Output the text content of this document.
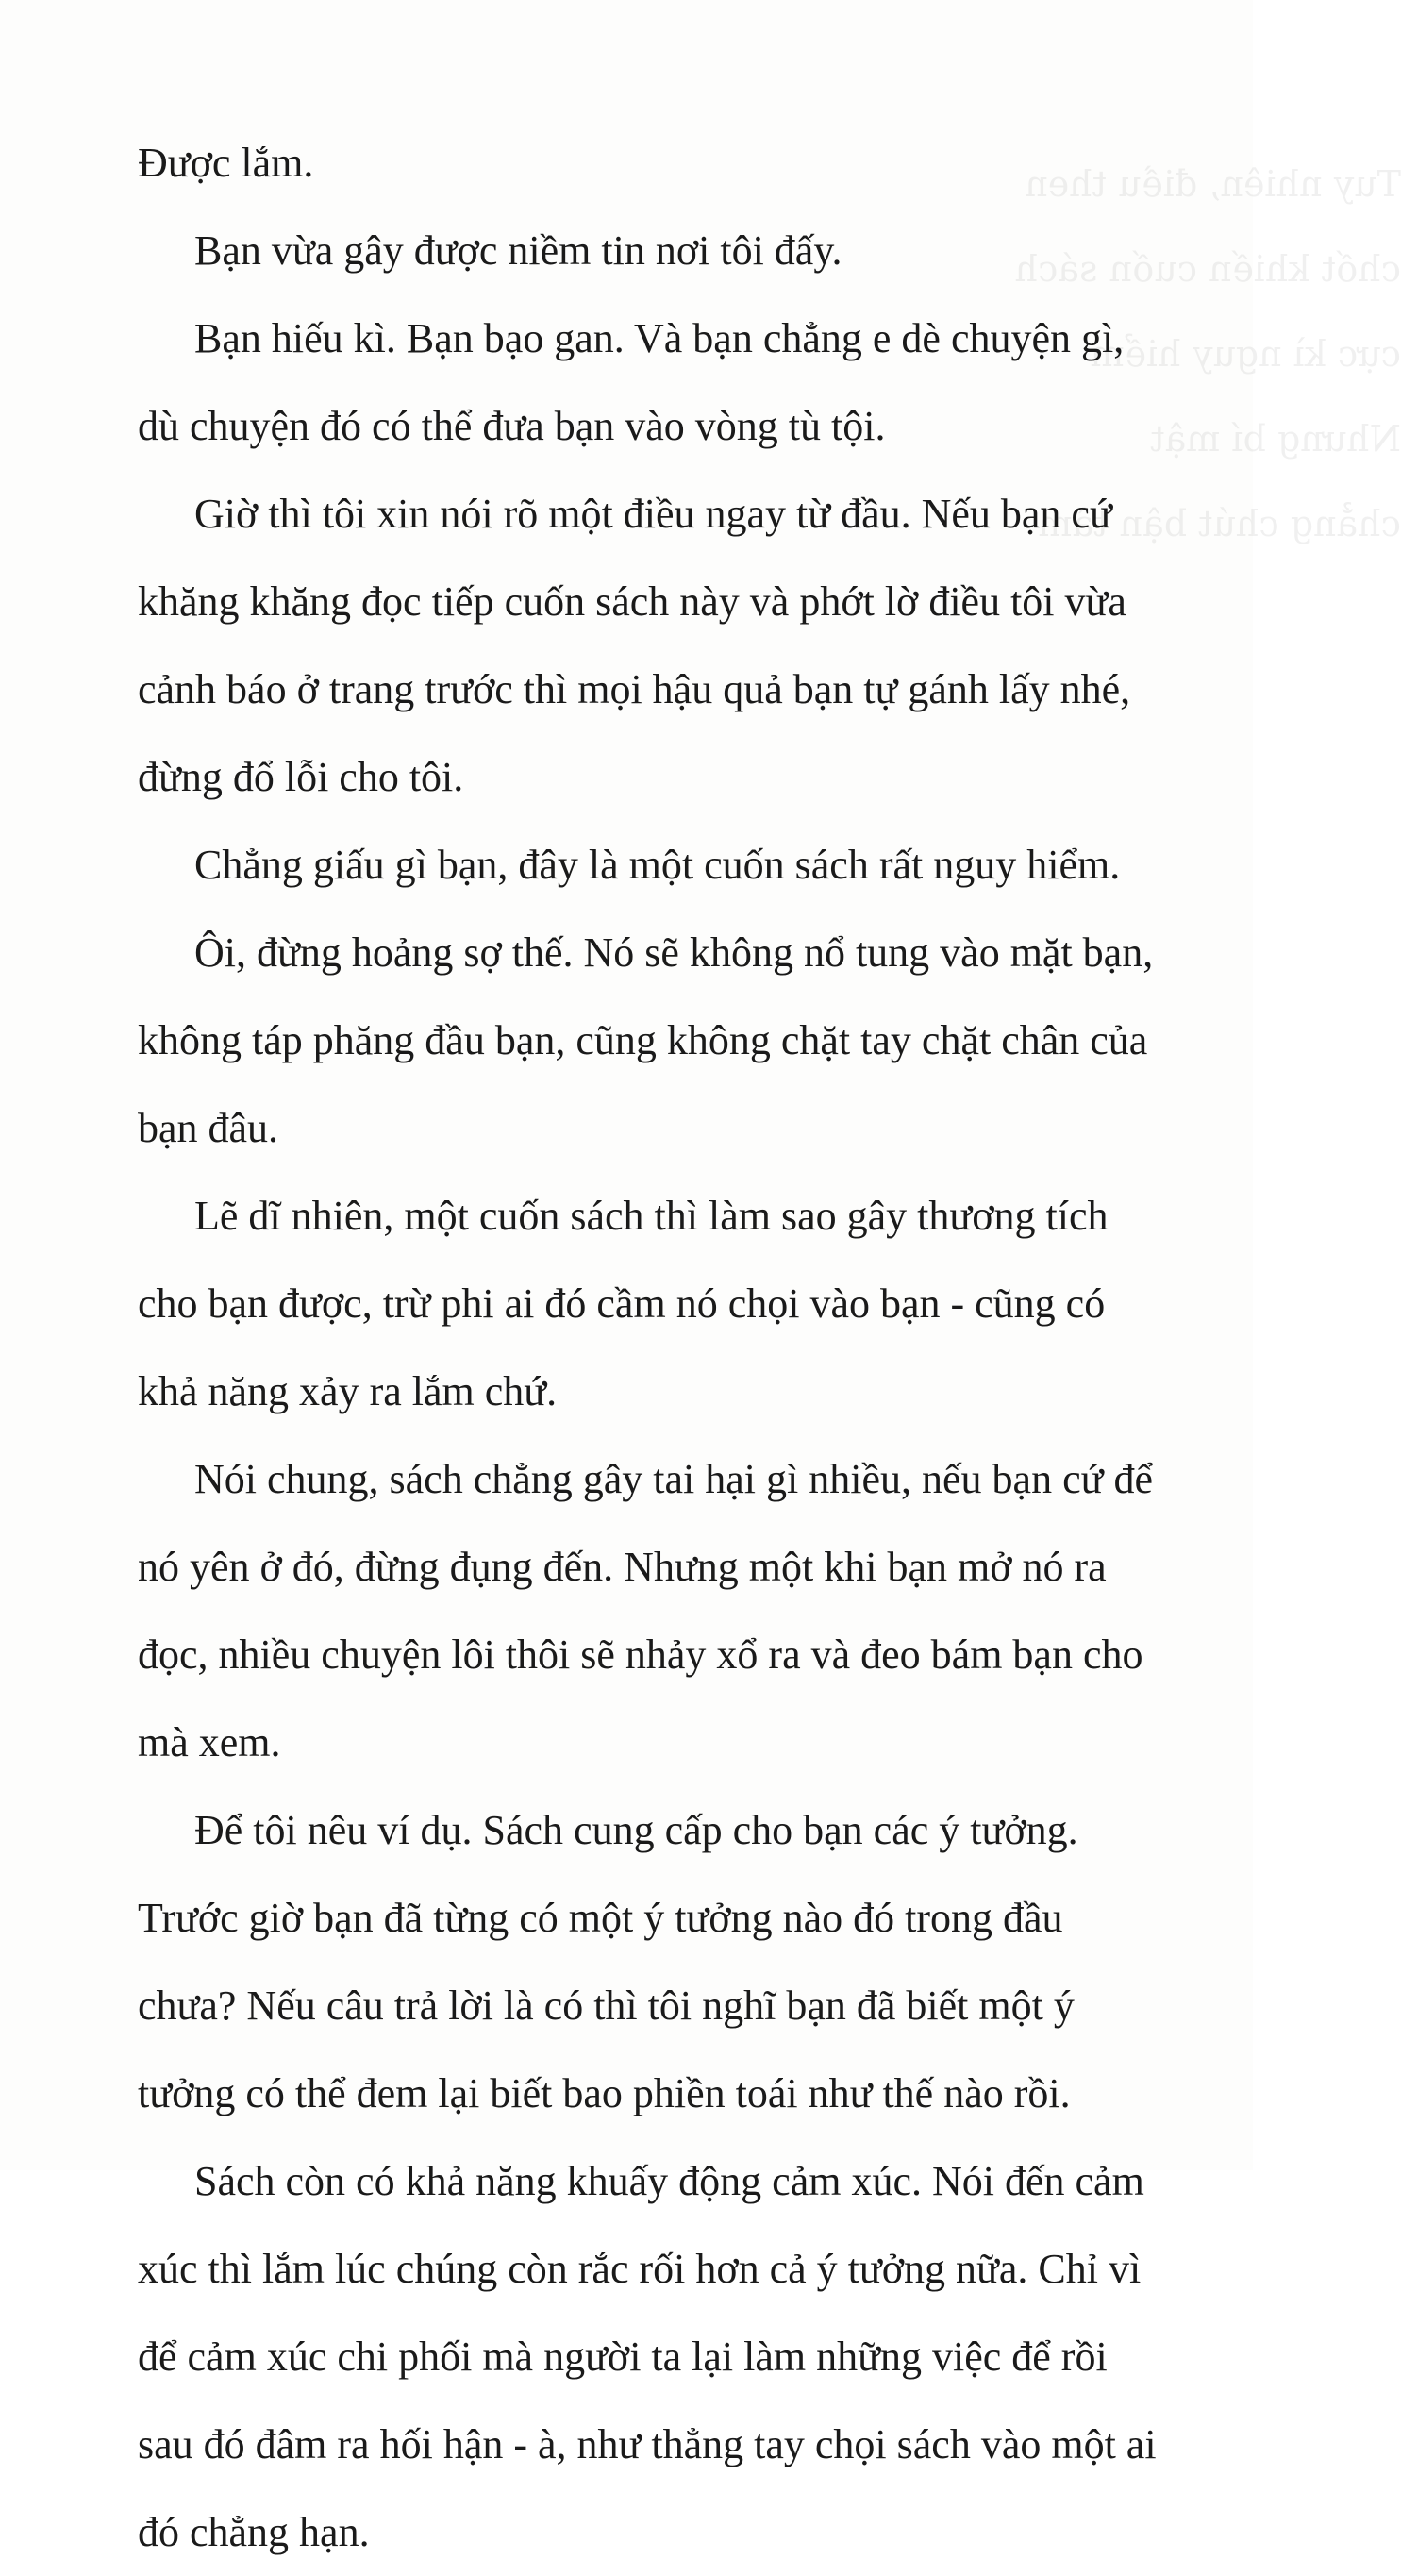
Tuy nhiên, điều then chốt khiến cuốn sách
cực kì nguy hiểm
Nhưng bí mật
chẳng chút bận tâm

Được lắm.

Bạn vừa gây được niềm tin nơi tôi đấy.

Bạn hiếu kì. Bạn bạo gan. Và bạn chẳng e dè chuyện gì, dù chuyện đó có thể đưa bạn vào vòng tù tội.

Giờ thì tôi xin nói rõ một điều ngay từ đầu. Nếu bạn cứ khăng khăng đọc tiếp cuốn sách này và phớt lờ điều tôi vừa cảnh báo ở trang trước thì mọi hậu quả bạn tự gánh lấy nhé, đừng đổ lỗi cho tôi.

Chẳng giấu gì bạn, đây là một cuốn sách rất nguy hiểm.

Ôi, đừng hoảng sợ thế. Nó sẽ không nổ tung vào mặt bạn, không táp phăng đầu bạn, cũng không chặt tay chặt chân của bạn đâu.

Lẽ dĩ nhiên, một cuốn sách thì làm sao gây thương tích cho bạn được, trừ phi ai đó cầm nó chọi vào bạn - cũng có khả năng xảy ra lắm chứ.

Nói chung, sách chẳng gây tai hại gì nhiều, nếu bạn cứ để nó yên ở đó, đừng đụng đến. Nhưng một khi bạn mở nó ra đọc, nhiều chuyện lôi thôi sẽ nhảy xổ ra và đeo bám bạn cho mà xem.

Để tôi nêu ví dụ. Sách cung cấp cho bạn các ý tưởng. Trước giờ bạn đã từng có một ý tưởng nào đó trong đầu chưa? Nếu câu trả lời là có thì tôi nghĩ bạn đã biết một ý tưởng có thể đem lại biết bao phiền toái như thế nào rồi.

Sách còn có khả năng khuấy động cảm xúc. Nói đến cảm xúc thì lắm lúc chúng còn rắc rối hơn cả ý tưởng nữa. Chỉ vì để cảm xúc chi phối mà người ta lại làm những việc để rồi sau đó đâm ra hối hận - à, như thẳng tay chọi sách vào một ai đó chẳng hạn.
